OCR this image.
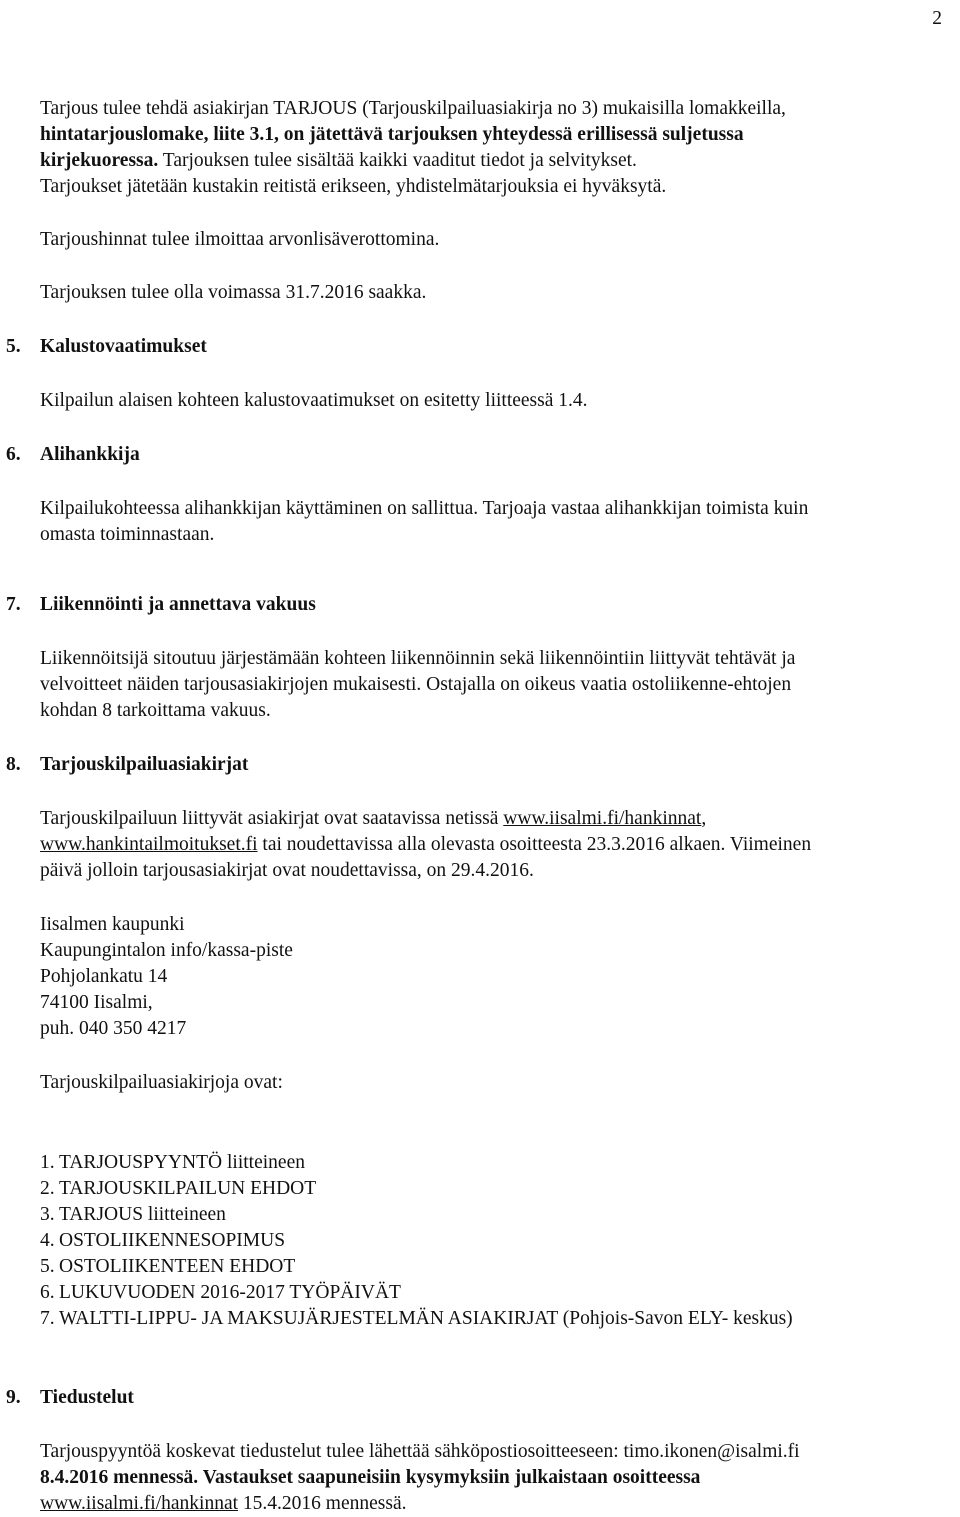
2

Tarjous tulee tehdä asiakirjan TARJOUS (Tarjouskilpailuasiakirja no 3) mukaisilla lomakkeilla,

hintatarjouslomake, liite 3.1, on jätettävä tarjouksen yhteydessä erillisessä suljetussa

kirjekuoressa. Tarjouksen tulee sisältää kaikki vaaditut tiedot ja selvitykset.

Tarjoukset jätetään kustakin reitistä erikseen, yhdistelmätarjouksia ei hyväksytä.

Tarjoushinnat tulee ilmoittaa arvonlisäverottomina.

Tarjouksen tulee olla voimassa 31.7.2016 saakka.

5. Kalustovaatimukset

Kilpailun alaisen kohteen kalustovaatimukset on esitetty liitteessä 1.4.

6. Alihankkija

Kilpailukohteessa alihankkijan käyttäminen on sallittua. Tarjoaja vastaa alihankkijan toimista kuin

omasta toiminnastaan.

7. Liikennöinti ja annettava vakuus

Liikennöitsijä sitoutuu järjestämään kohteen liikennöinnin sekä liikennöintiin liittyvät tehtävät ja

velvoitteet näiden tarjousasiakirjojen mukaisesti. Ostajalla on oikeus vaatia ostoliikenne-ehtojen

kohdan 8 tarkoittama vakuus.

8. Tarjouskilpailuasiakirjat

Tarjouskilpailuun liittyvät asiakirjat ovat saatavissa netissä www.iisalmi.fi/hankinnat,

www.hankintailmoitukset.fi tai noudettavissa alla olevasta osoitteesta 23.3.2016 alkaen. Viimeinen

päivä jolloin tarjousasiakirjat ovat noudettavissa, on 29.4.2016.

Iisalmen kaupunki

Kaupungintalon info/kassa-piste

Pohjolankatu 14

74100 Iisalmi,

puh. 040 350 4217

Tarjouskilpailuasiakirjoja ovat:

1. TARJOUSPYYNTÖ liitteineen
2. TARJOUSKILPAILUN EHDOT
3. TARJOUS liitteineen
4. OSTOLIIKENNESOPIMUS
5. OSTOLIIKENTEEN EHDOT
6. LUKUVUODEN 2016-2017 TYÖPÄIVÄT
7. WALTTI-LIPPU- JA MAKSUJÄRJESTELMÄN ASIAKIRJAT (Pohjois-Savon ELY- keskus)
9. Tiedustelut

Tarjouspyyntöä koskevat tiedustelut tulee lähettää sähköpostiosoitteeseen: timo.ikonen@isalmi.fi

8.4.2016 mennessä. Vastaukset saapuneisiin kysymyksiin julkaistaan osoitteessa

www.iisalmi.fi/hankinnat 15.4.2016 mennessä.
